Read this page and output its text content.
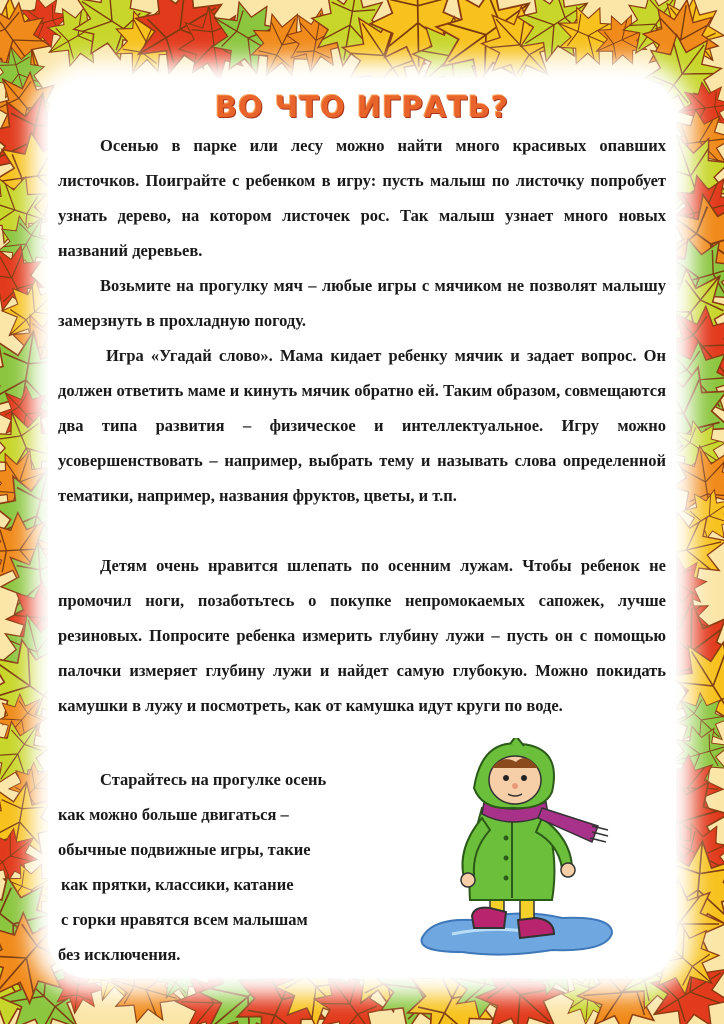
ВО ЧТО ИГРАТЬ?

Осенью в парке или лесу можно найти много красивых опавших листочков. Поиграйте с ребенком в игру: пусть малыш по листочку попробует узнать дерево, на котором листочек рос. Так малыш узнает много новых названий деревьев.

Возьмите на прогулку мяч – любые игры с мячиком не позволят малышу замерзнуть в прохладную погоду.

Игра «Угадай слово». Мама кидает ребенку мячик и задает вопрос. Он должен ответить маме и кинуть мячик обратно ей. Таким образом, совмещаются два типа развития – физическое и интеллектуальное. Игру можно усовершенствовать – например, выбрать тему и называть слова определенной тематики, например, названия фруктов, цветы, и т.п.

Детям очень нравится шлепать по осенним лужам. Чтобы ребенок не промочил ноги, позаботьтесь о покупке непромокаемых сапожек, лучше резиновых. Попросите ребенка измерить глубину лужи – пусть он с помощью палочки измеряет глубину лужи и найдет самую глубокую. Можно покидать камушки в лужу и посмотреть, как от камушка идут круги по воде.

Старайтесь на прогулке осень
как можно больше двигаться –
обычные подвижные игры, такие
как прятки, классики, катание
с горки нравятся всем малышам
без исключения.
